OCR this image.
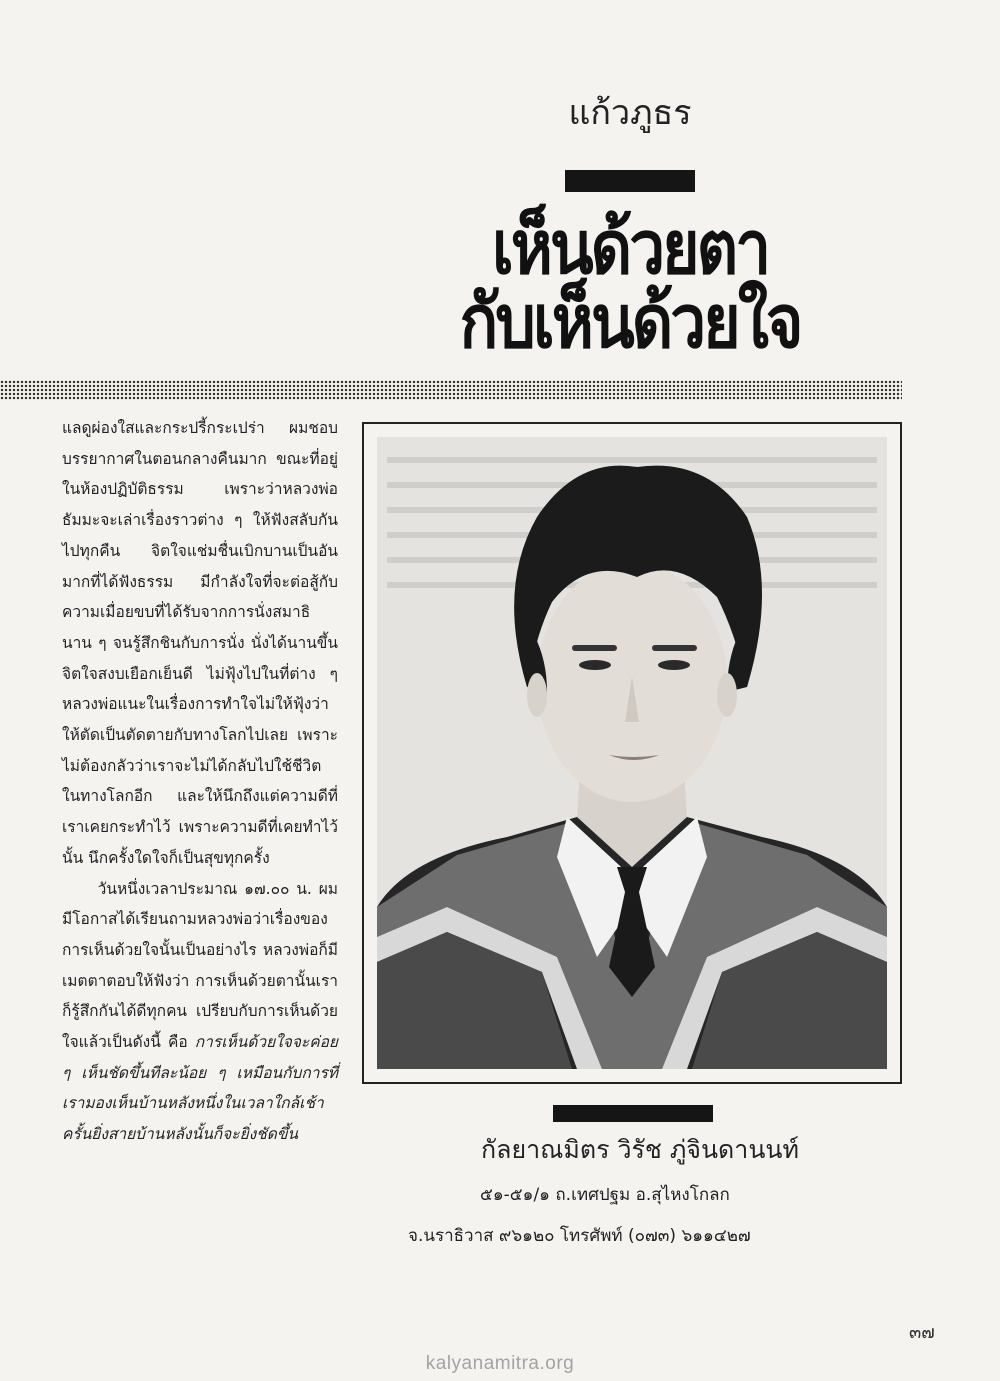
แก้วภูธร

เห็นด้วยตา

กับเห็นด้วยใจ

แลดูผ่องใสและกระปรี้กระเปร่า ผมชอบบรรยากาศในตอนกลางคืนมาก ขณะที่อยู่ในห้องปฏิบัติธรรม เพราะว่าหลวงพ่อธัมมะจะเล่าเรื่องราวต่าง ๆ ให้ฟังสลับกันไปทุกคืน จิตใจแช่มชื่นเบิกบานเป็นอันมากที่ได้ฟังธรรม มีกำลังใจที่จะต่อสู้กับความเมื่อยขบที่ได้รับจากการนั่งสมาธินาน ๆ จนรู้สึกชินกับการนั่ง นั่งได้นานขึ้น จิตใจสงบเยือกเย็นดี ไม่ฟุ้งไปในที่ต่าง ๆ หลวงพ่อแนะในเรื่องการทำใจไม่ให้ฟุ้งว่า ให้ตัดเป็นตัดตายกับทางโลกไปเลย เพราะไม่ต้องกลัวว่าเราจะไม่ได้กลับไปใช้ชีวิตในทางโลกอีก และให้นึกถึงแต่ความดีที่เราเคยกระทำไว้ เพราะความดีที่เคยทำไว้นั้น นึกครั้งใดใจก็เป็นสุขทุกครั้ง

วันหนึ่งเวลาประมาณ ๑๗.๐๐ น. ผมมีโอกาสได้เรียนถามหลวงพ่อว่าเรื่องของการเห็นด้วยใจนั้นเป็นอย่างไร หลวงพ่อก็มีเมตตาตอบให้ฟังว่า การเห็นด้วยตานั้นเราก็รู้สึกกันได้ดีทุกคน เปรียบกับการเห็นด้วยใจแล้วเป็นดังนี้ คือ การเห็นด้วยใจจะค่อย ๆ เห็นชัดขึ้นทีละน้อย ๆ เหมือนกับการที่เรามองเห็นบ้านหลังหนึ่งในเวลาใกล้เช้าครั้นยิ่งสายบ้านหลังนั้นก็จะยิ่งชัดขึ้น

กัลยาณมิตร วิรัช ภู่จินดานนท์

๕๑-๕๑/๑ ถ.เทศปฐม อ.สุไหงโกลก

จ.นราธิวาส ๙๖๑๒๐ โทรศัพท์ (๐๗๓) ๖๑๑๔๒๗

๓๗
kalyanamitra.org
